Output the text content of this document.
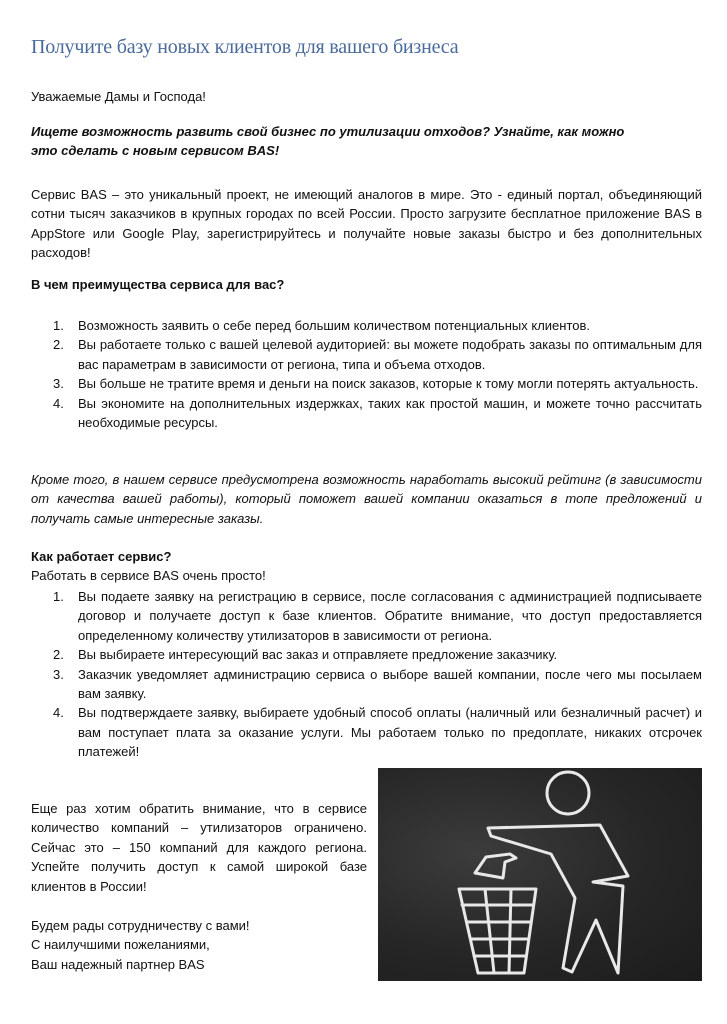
Получите базу новых клиентов для вашего бизнеса
Уважаемые Дамы и Господа!
Ищете возможность развить свой бизнес по утилизации отходов? Узнайте, как можно
это сделать с новым сервисом BAS!
Сервис BAS – это уникальный проект, не имеющий аналогов в мире. Это - единый портал, объединяющий сотни тысяч заказчиков в крупных городах по всей России. Просто загрузите бесплатное приложение BAS в AppStore или Google Play, зарегистрируйтесь и получайте новые заказы быстро и без дополнительных расходов!
В чем преимущества сервиса для вас?
1. Возможность заявить о себе перед большим количеством потенциальных клиентов.
2. Вы работаете только с вашей целевой аудиторией: вы можете подобрать заказы по оптимальным для вас параметрам в зависимости от региона, типа и объема отходов.
3. Вы больше не тратите время и деньги на поиск заказов, которые к тому могли потерять актуальность.
4. Вы экономите на дополнительных издержках, таких как простой машин, и можете точно рассчитать необходимые ресурсы.
Кроме того, в нашем сервисе предусмотрена возможность наработать высокий рейтинг (в зависимости от качества вашей работы), который поможет вашей компании оказаться в топе предложений и получать самые интересные заказы.
Как работает сервис?
Работать в сервисе BAS очень просто!
1. Вы подаете заявку на регистрацию в сервисе, после согласования с администрацией подписываете договор и получаете доступ к базе клиентов. Обратите внимание, что доступ предоставляется определенному количеству утилизаторов в зависимости от региона.
2. Вы выбираете интересующий вас заказ и отправляете предложение заказчику.
3. Заказчик уведомляет администрацию сервиса о выборе вашей компании, после чего мы посылаем вам заявку.
4. Вы подтверждаете заявку, выбираете удобный способ оплаты (наличный или безналичный расчет) и вам поступает плата за оказание услуги. Мы работаем только по предоплате, никаких отсрочек платежей!
Еще раз хотим обратить внимание, что в сервисе количество компаний – утилизаторов ограничено. Сейчас это – 150 компаний для каждого региона. Успейте получить доступ к самой широкой базе клиентов в России!
Будем рады сотрудничеству с вами!
С наилучшими пожеланиями,
Ваш надежный партнер BAS
